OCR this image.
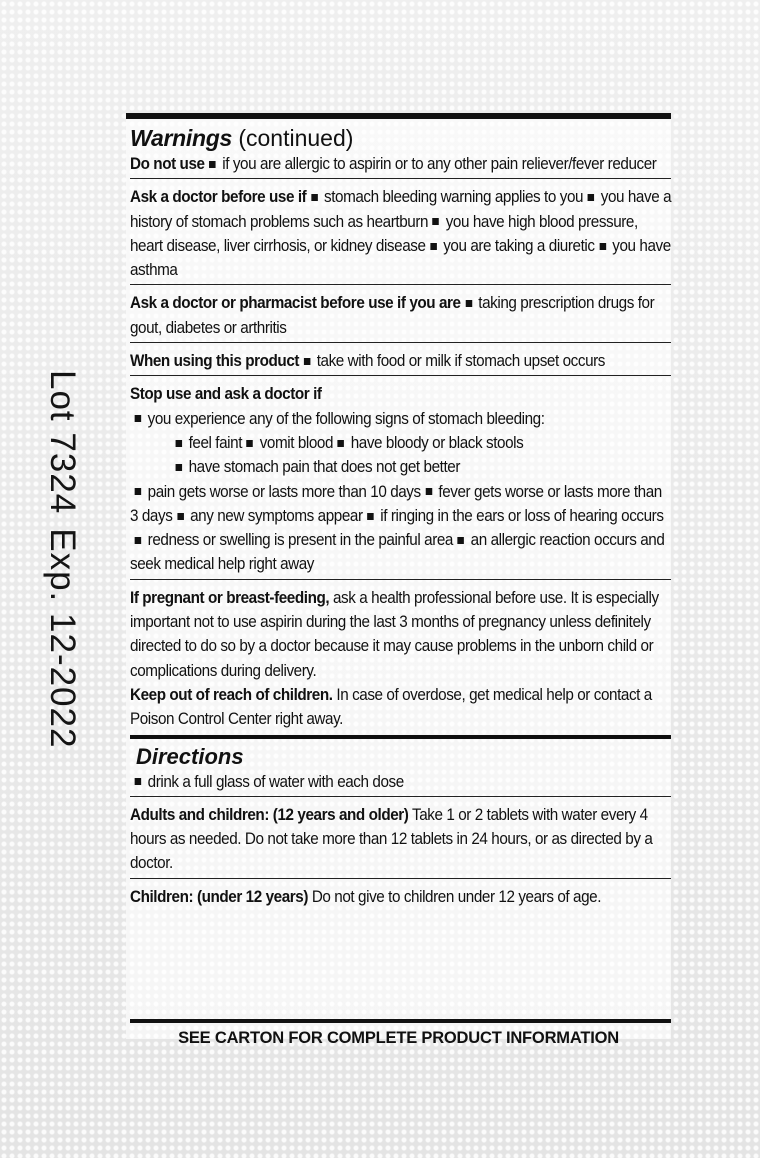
Warnings (continued)

Do not use if you are allergic to aspirin or to any other pain reliever/fever reducer

Ask a doctor before use if stomach bleeding warning applies to you you have a history of stomach problems such as heartburn you have high blood pressure, heart disease, liver cirrhosis, or kidney disease you are taking a diuretic you have asthma

Ask a doctor or pharmacist before use if you are taking prescription drugs for gout, diabetes or arthritis

When using this product take with food or milk if stomach upset occurs

Stop use and ask a doctor if
you experience any of the following signs of stomach bleeding:

feel faint vomit blood have bloody or black stools
have stomach pain that does not get better

pain gets worse or lasts more than 10 days fever gets worse or lasts more than 3 days any new symptoms appear if ringing in the ears or loss of hearing occursredness or swelling is present in the painful area an allergic reaction occurs and seek medical help right away

If pregnant or breast-feeding, ask a health professional before use. It is especially important not to use aspirin during the last 3 months of pregnancy unless definitely directed to do so by a doctor because it may cause problems in the unborn child or complications during delivery.

Keep out of reach of children. In case of overdose, get medical help or contact a Poison Control Center right away.

Directions

drink a full glass of water with each dose

Adults and children: (12 years and older) Take 1 or 2 tablets with water every 4 hours as needed. Do not take more than 12 tablets in 24 hours, or as directed by a doctor.

Children: (under 12 years) Do not give to children under 12 years of age.

SEE CARTON FOR COMPLETE PRODUCT INFORMATION
Lot 7324Exp. 12-2022
